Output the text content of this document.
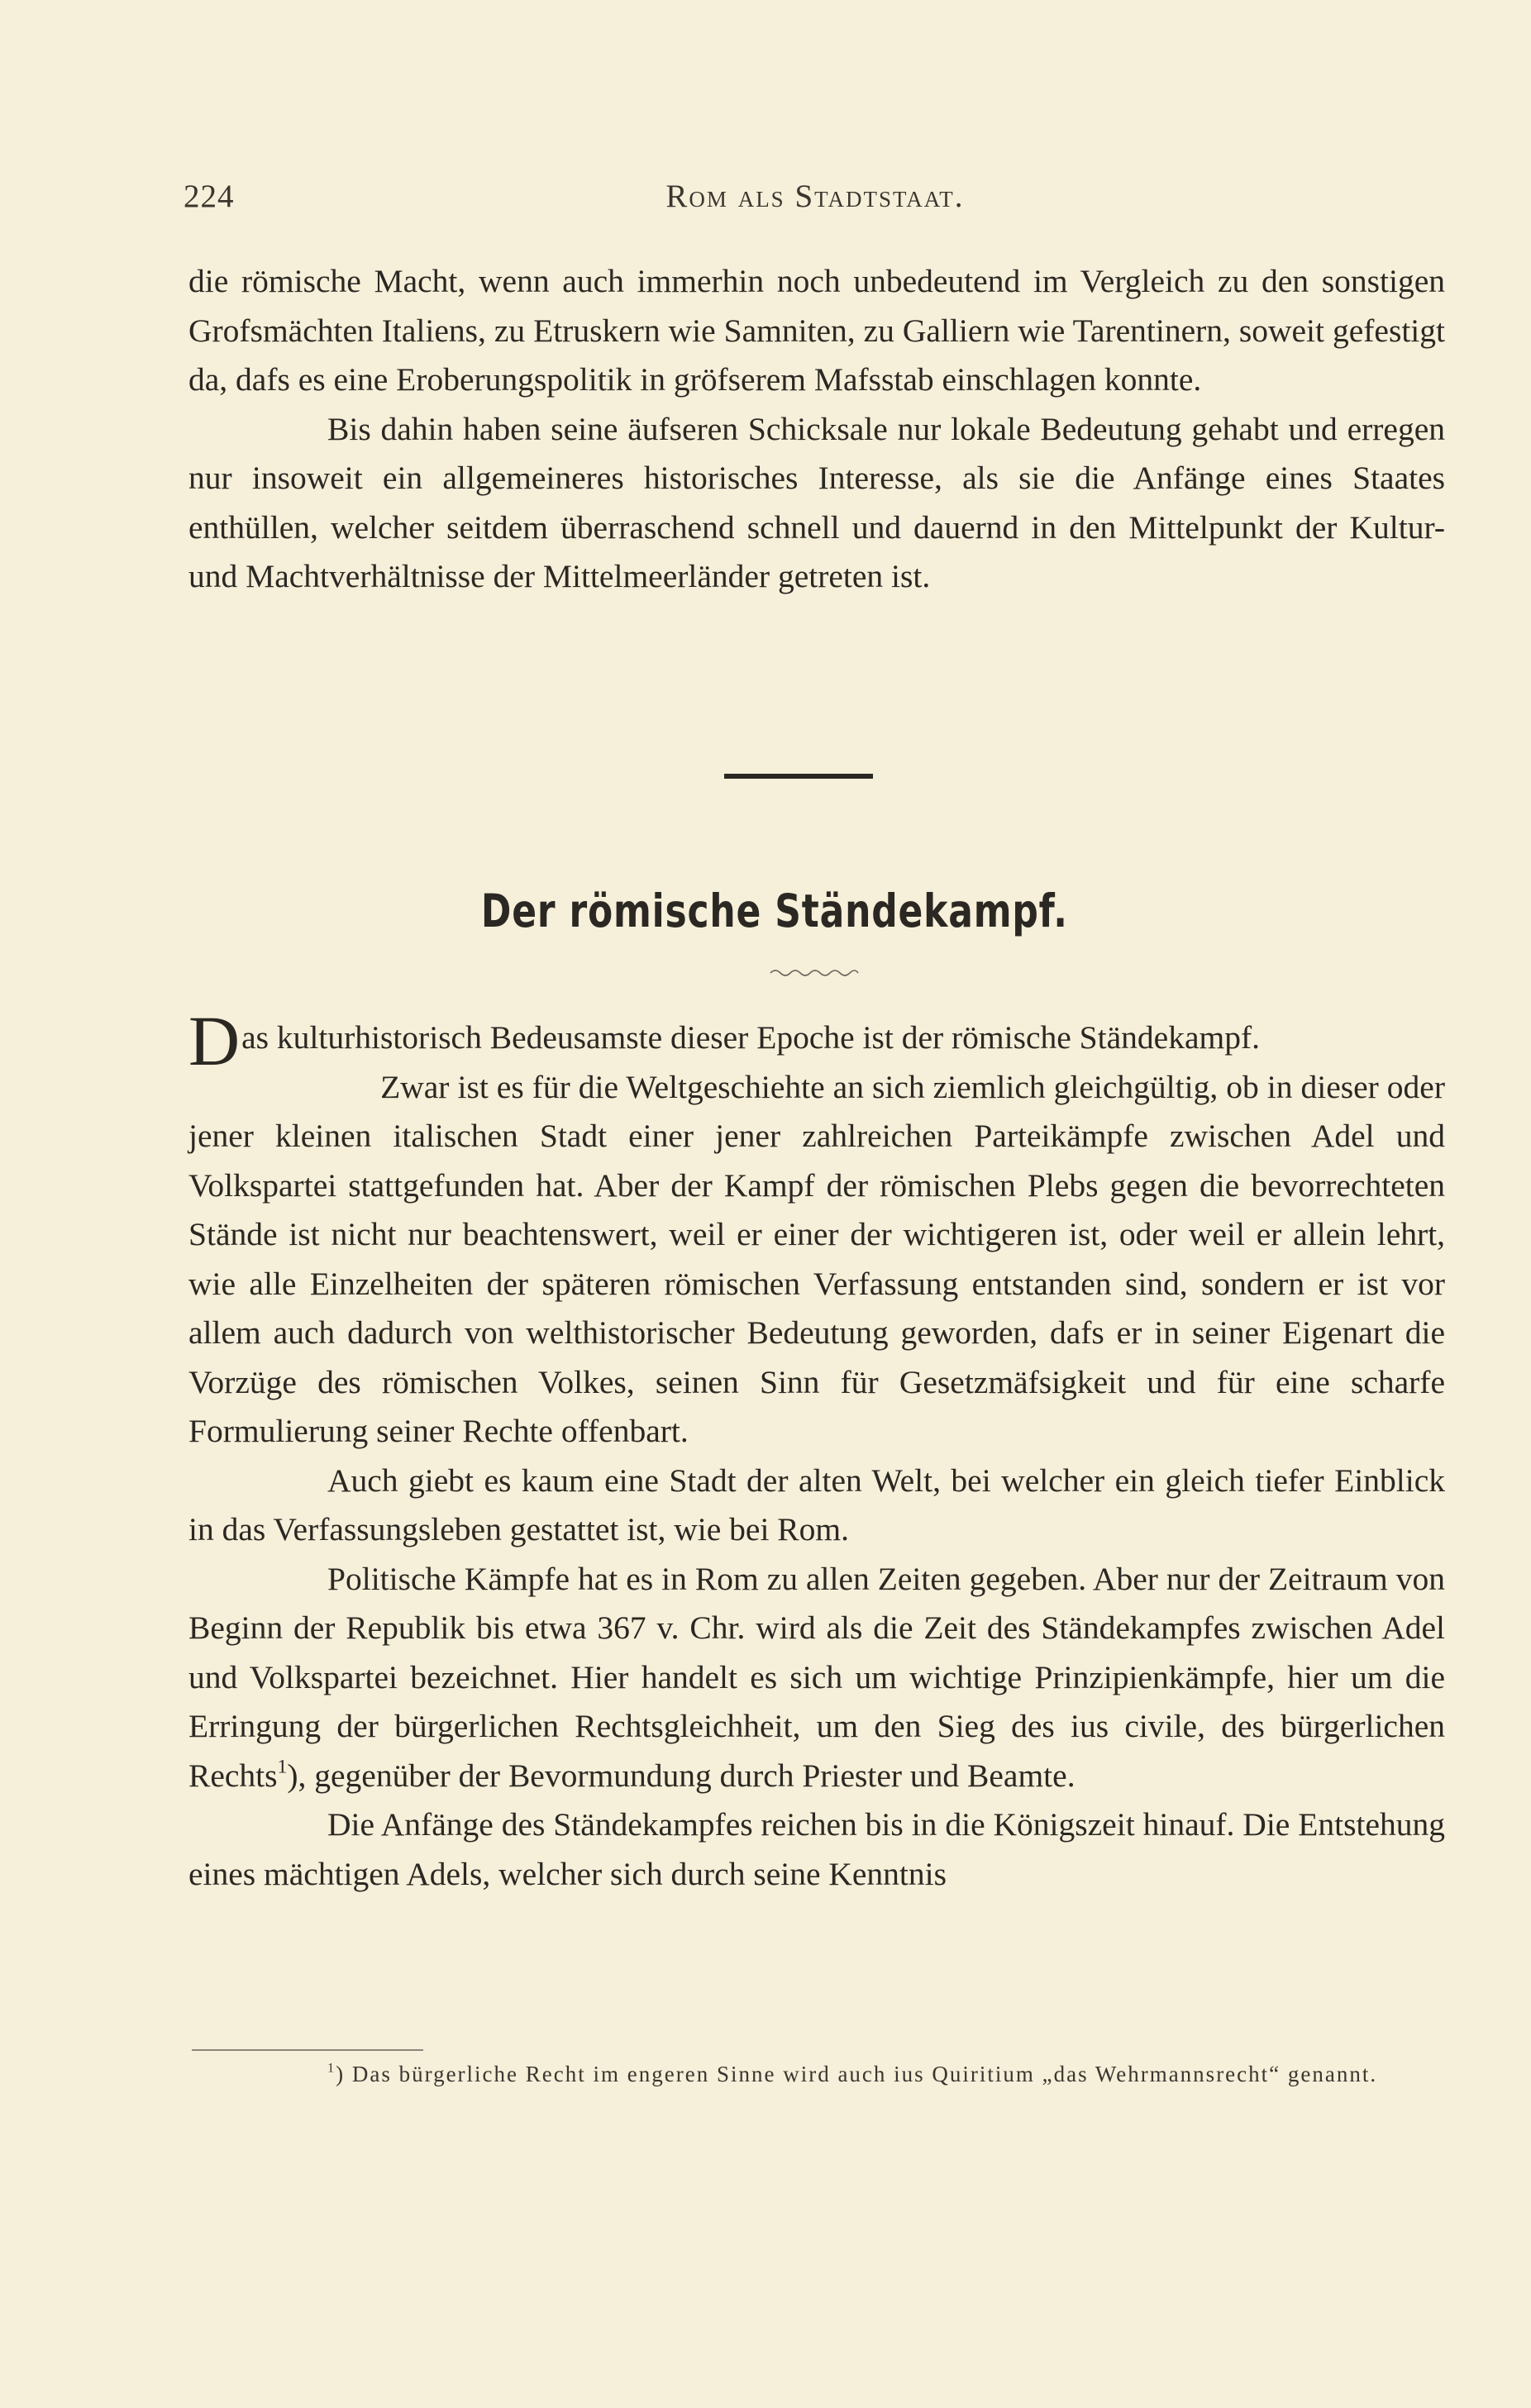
224	Rom als Stadtstaat.

die römische Macht, wenn auch immerhin noch unbedeutend im Vergleich zu den sonstigen Grofsmächten Italiens, zu Etruskern wie Samniten, zu Galliern wie Tarentinern, soweit gefestigt da, dafs es eine Eroberungspolitik in gröfserem Mafsstab einschlagen konnte.

Bis dahin haben seine äufseren Schicksale nur lokale Bedeutung gehabt und erregen nur insoweit ein allgemeineres historisches Interesse, als sie die Anfänge eines Staates enthüllen, welcher seitdem überraschend schnell und dauernd in den Mittelpunkt der Kultur- und Machtverhältnisse der Mittelmeerländer getreten ist.

Der römische Ständekampf.

Das kulturhistorisch Bedeusamste dieser Epoche ist der römische Ständekampf.

Zwar ist es für die Weltgeschiehte an sich ziemlich gleichgültig, ob in dieser oder jener kleinen italischen Stadt einer jener zahlreichen Parteikämpfe zwischen Adel und Volkspartei stattgefunden hat. Aber der Kampf der römischen Plebs gegen die bevorrechteten Stände ist nicht nur beachtenswert, weil er einer der wichtigeren ist, oder weil er allein lehrt, wie alle Einzelheiten der späteren römischen Verfassung entstanden sind, sondern er ist vor allem auch dadurch von welthistorischer Bedeutung geworden, dafs er in seiner Eigenart die Vorzüge des römischen Volkes, seinen Sinn für Gesetzmäfsigkeit und für eine scharfe Formulierung seiner Rechte offenbart.

Auch giebt es kaum eine Stadt der alten Welt, bei welcher ein gleich tiefer Einblick in das Verfassungsleben gestattet ist, wie bei Rom.

Politische Kämpfe hat es in Rom zu allen Zeiten gegeben. Aber nur der Zeitraum von Beginn der Republik bis etwa 367 v. Chr. wird als die Zeit des Ständekampfes zwischen Adel und Volkspartei bezeichnet. Hier handelt es sich um wichtige Prinzipienkämpfe, hier um die Erringung der bürgerlichen Rechtsgleichheit, um den Sieg des ius civile, des bürgerlichen Rechts$^1$), gegenüber der Bevormundung durch Priester und Beamte.

Die Anfänge des Ständekampfes reichen bis in die Königszeit hinauf. Die Entstehung eines mächtigen Adels, welcher sich durch seine Kenntnis

$^1$) Das bürgerliche Recht im engeren Sinne wird auch ius Quiritium „das Wehrmannsrecht“ genannt.
